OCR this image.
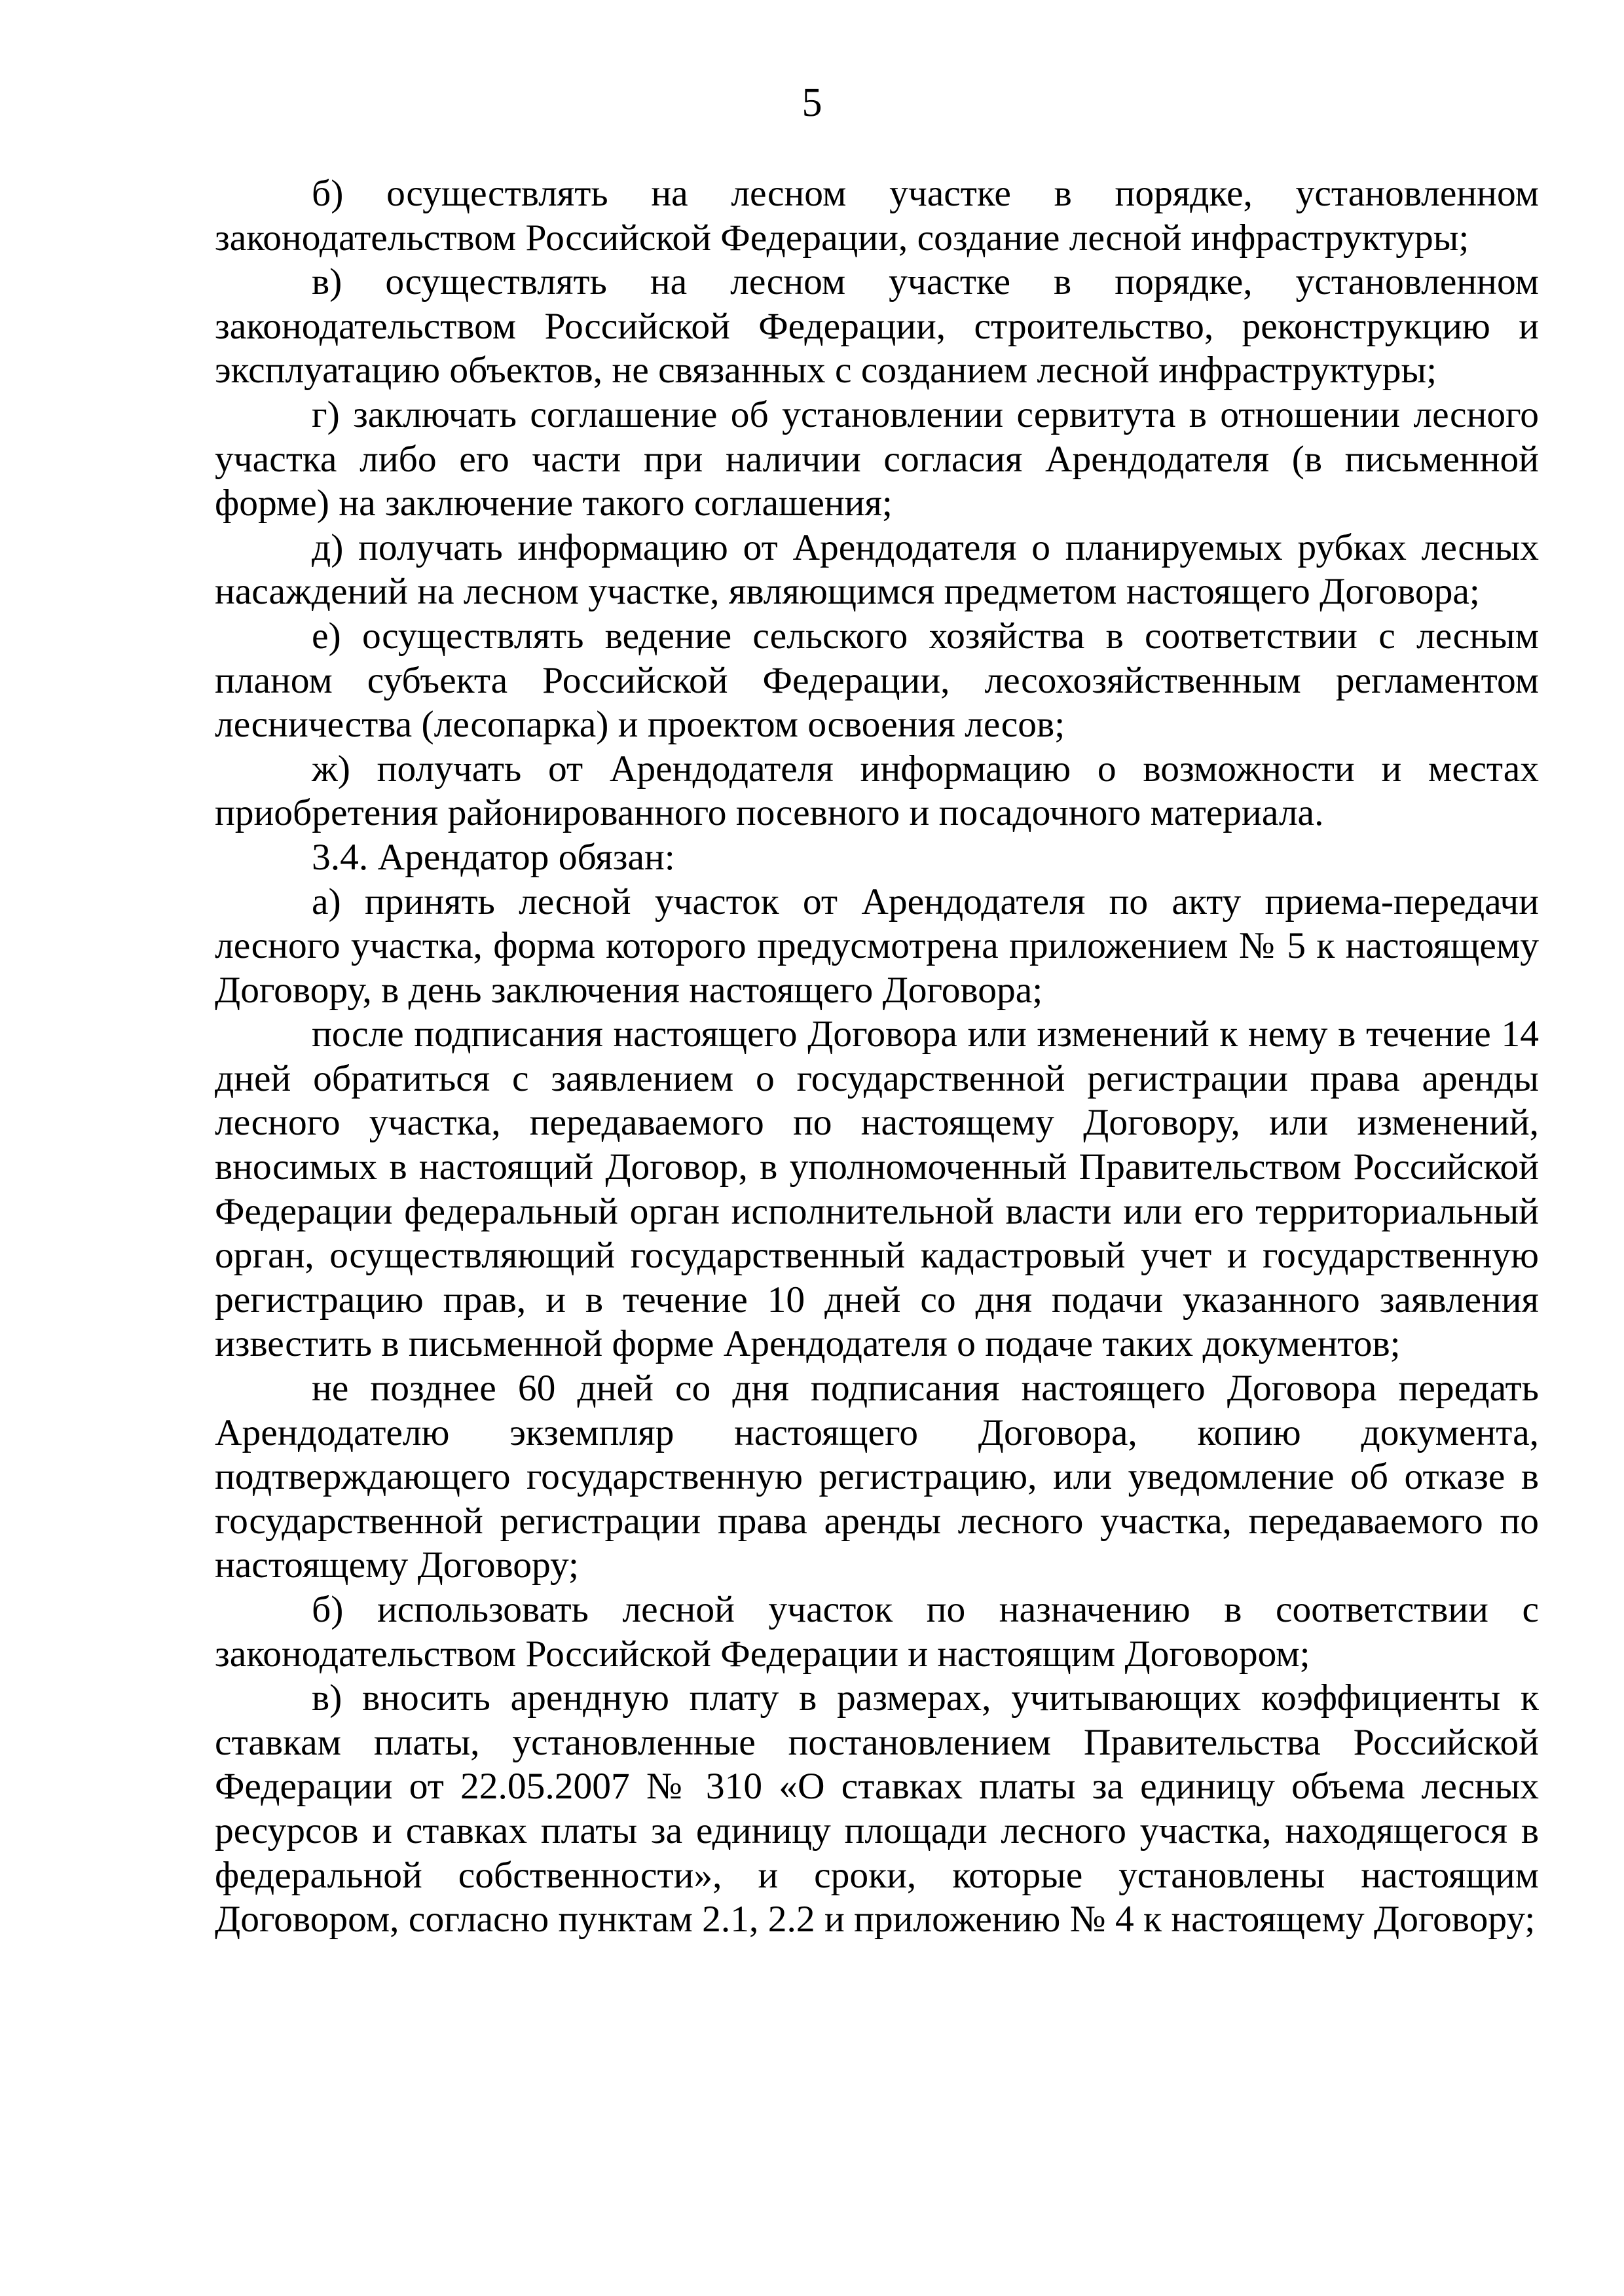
5

б) осуществлять на лесном участке в порядке, установленном законодательством Российской Федерации, создание лесной инфраструктуры;

в) осуществлять на лесном участке в порядке, установленном законодательством Российской Федерации, строительство, реконструкцию и эксплуатацию объектов, не связанных с созданием лесной инфраструктуры;

г) заключать соглашение об установлении сервитута в отношении лесного участка либо его части при наличии согласия Арендодателя (в письменной форме) на заключение такого соглашения;

д) получать информацию от Арендодателя о планируемых рубках лесных насаждений на лесном участке, являющимся предметом настоящего Договора;

е) осуществлять ведение сельского хозяйства в соответствии с лесным планом субъекта Российской Федерации, лесохозяйственным регламентом лесничества (лесопарка) и проектом освоения лесов;

ж) получать от Арендодателя информацию о возможности и местах приобретения районированного посевного и посадочного материала.

3.4. Арендатор обязан:

а) принять лесной участок от Арендодателя по акту приема-передачи лесного участка, форма которого предусмотрена приложением № 5 к настоящему Договору, в день заключения настоящего Договора;

после подписания настоящего Договора или изменений к нему в течение 14 дней обратиться с заявлением о государственной регистрации права аренды лесного участка, передаваемого по настоящему Договору, или изменений, вносимых в настоящий Договор, в уполномоченный Правительством Российской Федерации федеральный орган исполнительной власти или его территориальный орган, осуществляющий государственный кадастровый учет и государственную регистрацию прав, и в течение 10 дней со дня подачи указанного заявления известить в письменной форме Арендодателя о подаче таких документов;

не позднее 60 дней со дня подписания настоящего Договора передать Арендодателю экземпляр настоящего Договора, копию документа, подтверждающего государственную регистрацию, или уведомление об отказе в государственной регистрации права аренды лесного участка, передаваемого по настоящему Договору;

б) использовать лесной участок по назначению в соответствии с законодательством Российской Федерации и настоящим Договором;

в) вносить арендную плату в размерах, учитывающих коэффициенты к ставкам платы, установленные постановлением Правительства Российской Федерации от 22.05.2007 № 310 «О ставках платы за единицу объема лесных ресурсов и ставках платы за единицу площади лесного участка, находящегося в федеральной собственности», и сроки, которые установлены настоящим Договором, согласно пунктам 2.1, 2.2 и приложению № 4 к настоящему Договору;
